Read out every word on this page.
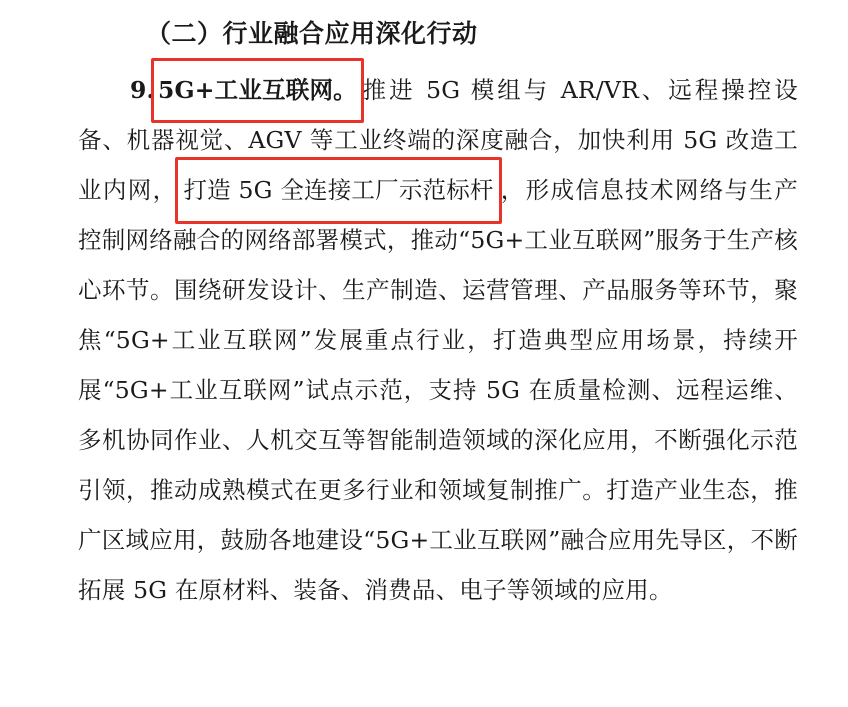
（二）行业融合应用深化行动

9. 5G+工业互联网。 推进 5G 模组与 AR/VR、远程操控设备、机器视觉、AGV 等工业终端的深度融合，加快利用 5G 改造工业内网， 打造 5G 全连接工厂示范标杆 ，形成信息技术网络与生产控制网络融合的网络部署模式，推动“5G+工业互联网”服务于生产核心环节。围绕研发设计、生产制造、运营管理、产品服务等环节，聚焦“5G+工业互联网”发展重点行业，打造典型应用场景，持续开展“5G+工业互联网”试点示范，支持 5G 在质量检测、远程运维、多机协同作业、人机交互等智能制造领域的深化应用，不断强化示范引领，推动成熟模式在更多行业和领域复制推广。打造产业生态，推广区域应用，鼓励各地建设“5G+工业互联网”融合应用先导区，不断拓展 5G 在原材料、装备、消费品、电子等领域的应用。
